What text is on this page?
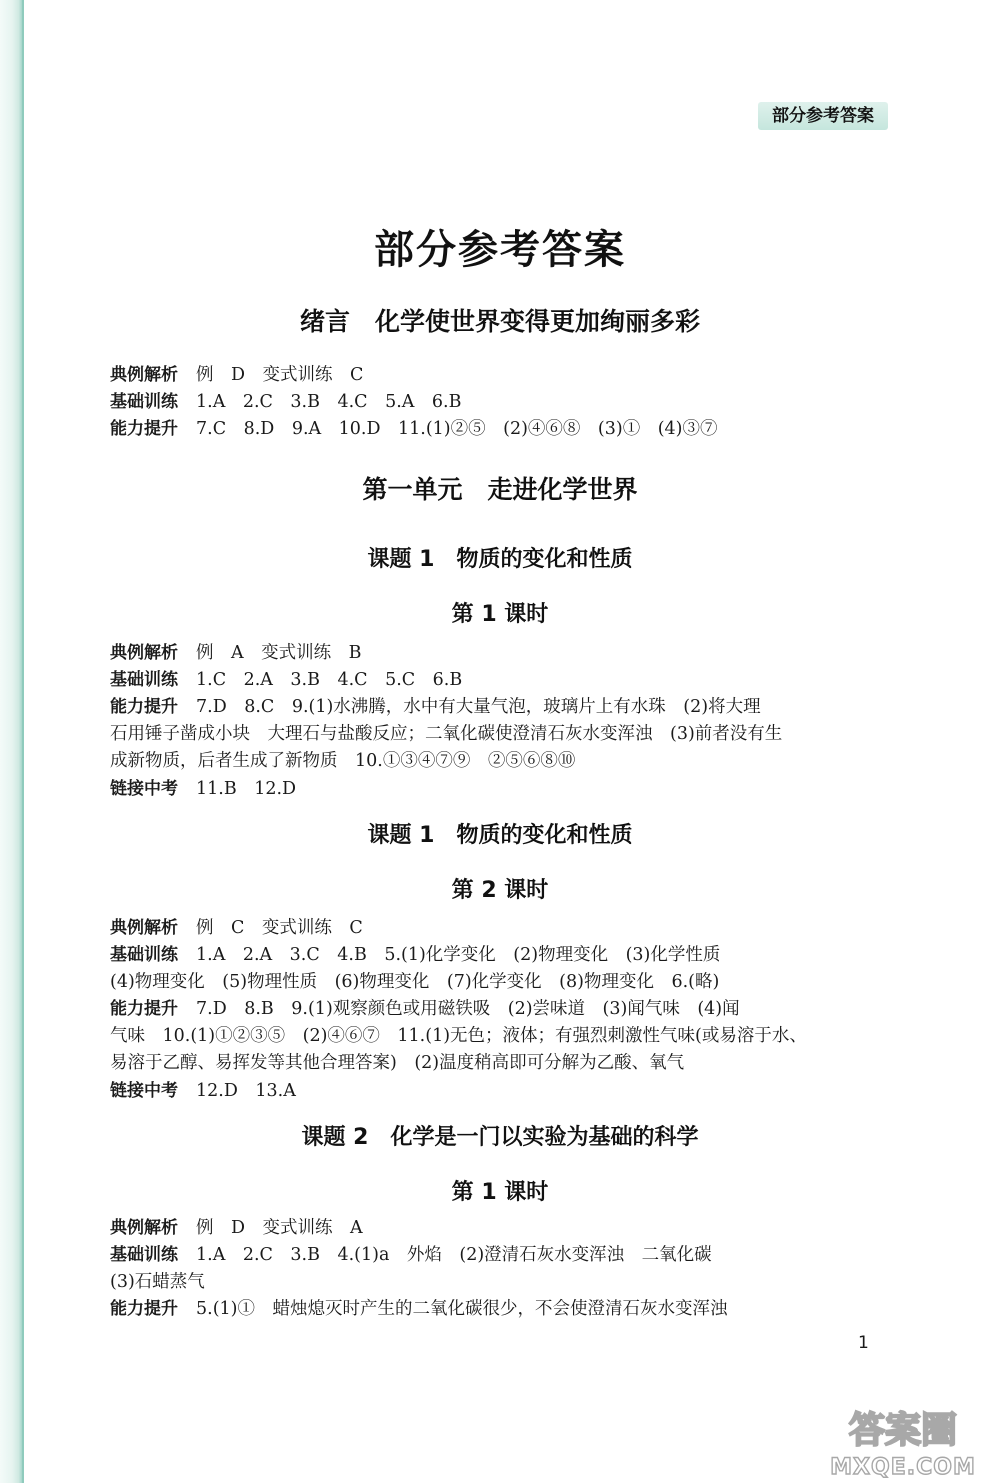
部分参考答案
部分参考答案
绪言　化学使世界变得更加绚丽多彩
典例解析 例　D　变式训练　C
基础训练 1.A　2.C　3.B　4.C　5.A　6.B
能力提升 7.C　8.D　9.A　10.D　11.(1)②⑤　(2)④⑥⑧　(3)①　(4)③⑦
第一单元　走进化学世界
课题 1　物质的变化和性质
第 1 课时
典例解析 例　A　变式训练　B
基础训练 1.C　2.A　3.B　4.C　5.C　6.B
能力提升 7.D　8.C　9.(1)水沸腾，水中有大量气泡，玻璃片上有水珠　(2)将大理
石用锤子凿成小块　大理石与盐酸反应；二氧化碳使澄清石灰水变浑浊　(3)前者没有生
成新物质，后者生成了新物质　10.①③④⑦⑨　②⑤⑥⑧⑩
链接中考 11.B　12.D
课题 1　物质的变化和性质
第 2 课时
典例解析 例　C　变式训练　C
基础训练 1.A　2.A　3.C　4.B　5.(1)化学变化　(2)物理变化　(3)化学性质
(4)物理变化　(5)物理性质　(6)物理变化　(7)化学变化　(8)物理变化　6.(略)
能力提升 7.D　8.B　9.(1)观察颜色或用磁铁吸　(2)尝味道　(3)闻气味　(4)闻
气味　10.(1)①②③⑤　(2)④⑥⑦　11.(1)无色；液体；有强烈刺激性气味(或易溶于水、
易溶于乙醇、易挥发等其他合理答案)　(2)温度稍高即可分解为乙酸、氧气
链接中考 12.D　13.A
课题 2　化学是一门以实验为基础的科学
第 1 课时
典例解析 例　D　变式训练　A
基础训练 1.A　2.C　3.B　4.(1)a　外焰　(2)澄清石灰水变浑浊　二氧化碳
(3)石蜡蒸气
能力提升 5.(1)①　蜡烛熄灭时产生的二氧化碳很少，不会使澄清石灰水变浑浊
1
答案圈
MXQE.COM
